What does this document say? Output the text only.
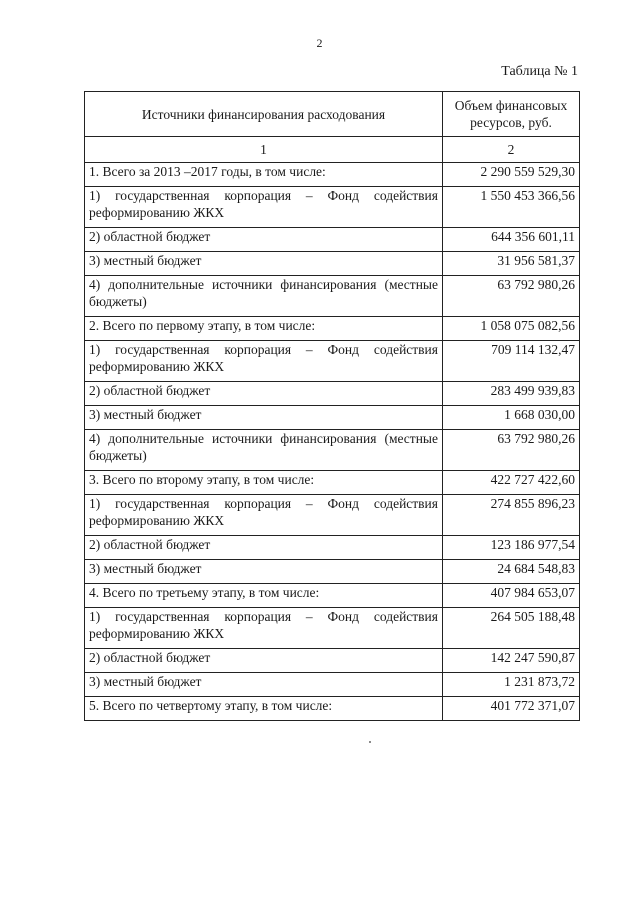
2
Таблица № 1
Источники финансирования расходования	Объем финансовых ресурсов, руб.
1	2
1. Всего за 2013 –2017 годы, в том числе:	2 290 559 529,30
1) государственная корпорация – Фонд содействия реформированию ЖКХ	1 550 453 366,56
2) областной бюджет	644 356 601,11
3) местный бюджет	31 956 581,37
4) дополнительные источники финансирования (местные бюджеты)	63 792 980,26
2. Всего по первому этапу, в том числе:	1 058 075 082,56
1) государственная корпорация – Фонд содействия реформированию ЖКХ	709 114 132,47
2) областной бюджет	283 499 939,83
3) местный бюджет	1 668 030,00
4) дополнительные источники финансирования (местные бюджеты)	63 792 980,26
3. Всего по второму этапу, в том числе:	422 727 422,60
1) государственная корпорация – Фонд содействия реформированию ЖКХ	274 855 896,23
2) областной бюджет	123 186 977,54
3) местный бюджет	24 684 548,83
4. Всего по третьему этапу, в том числе:	407 984 653,07
1) государственная корпорация – Фонд содействия реформированию ЖКХ	264 505 188,48
2) областной бюджет	142 247 590,87
3) местный бюджет	1 231 873,72
5. Всего по четвертому этапу, в том числе:	401 772 371,07
